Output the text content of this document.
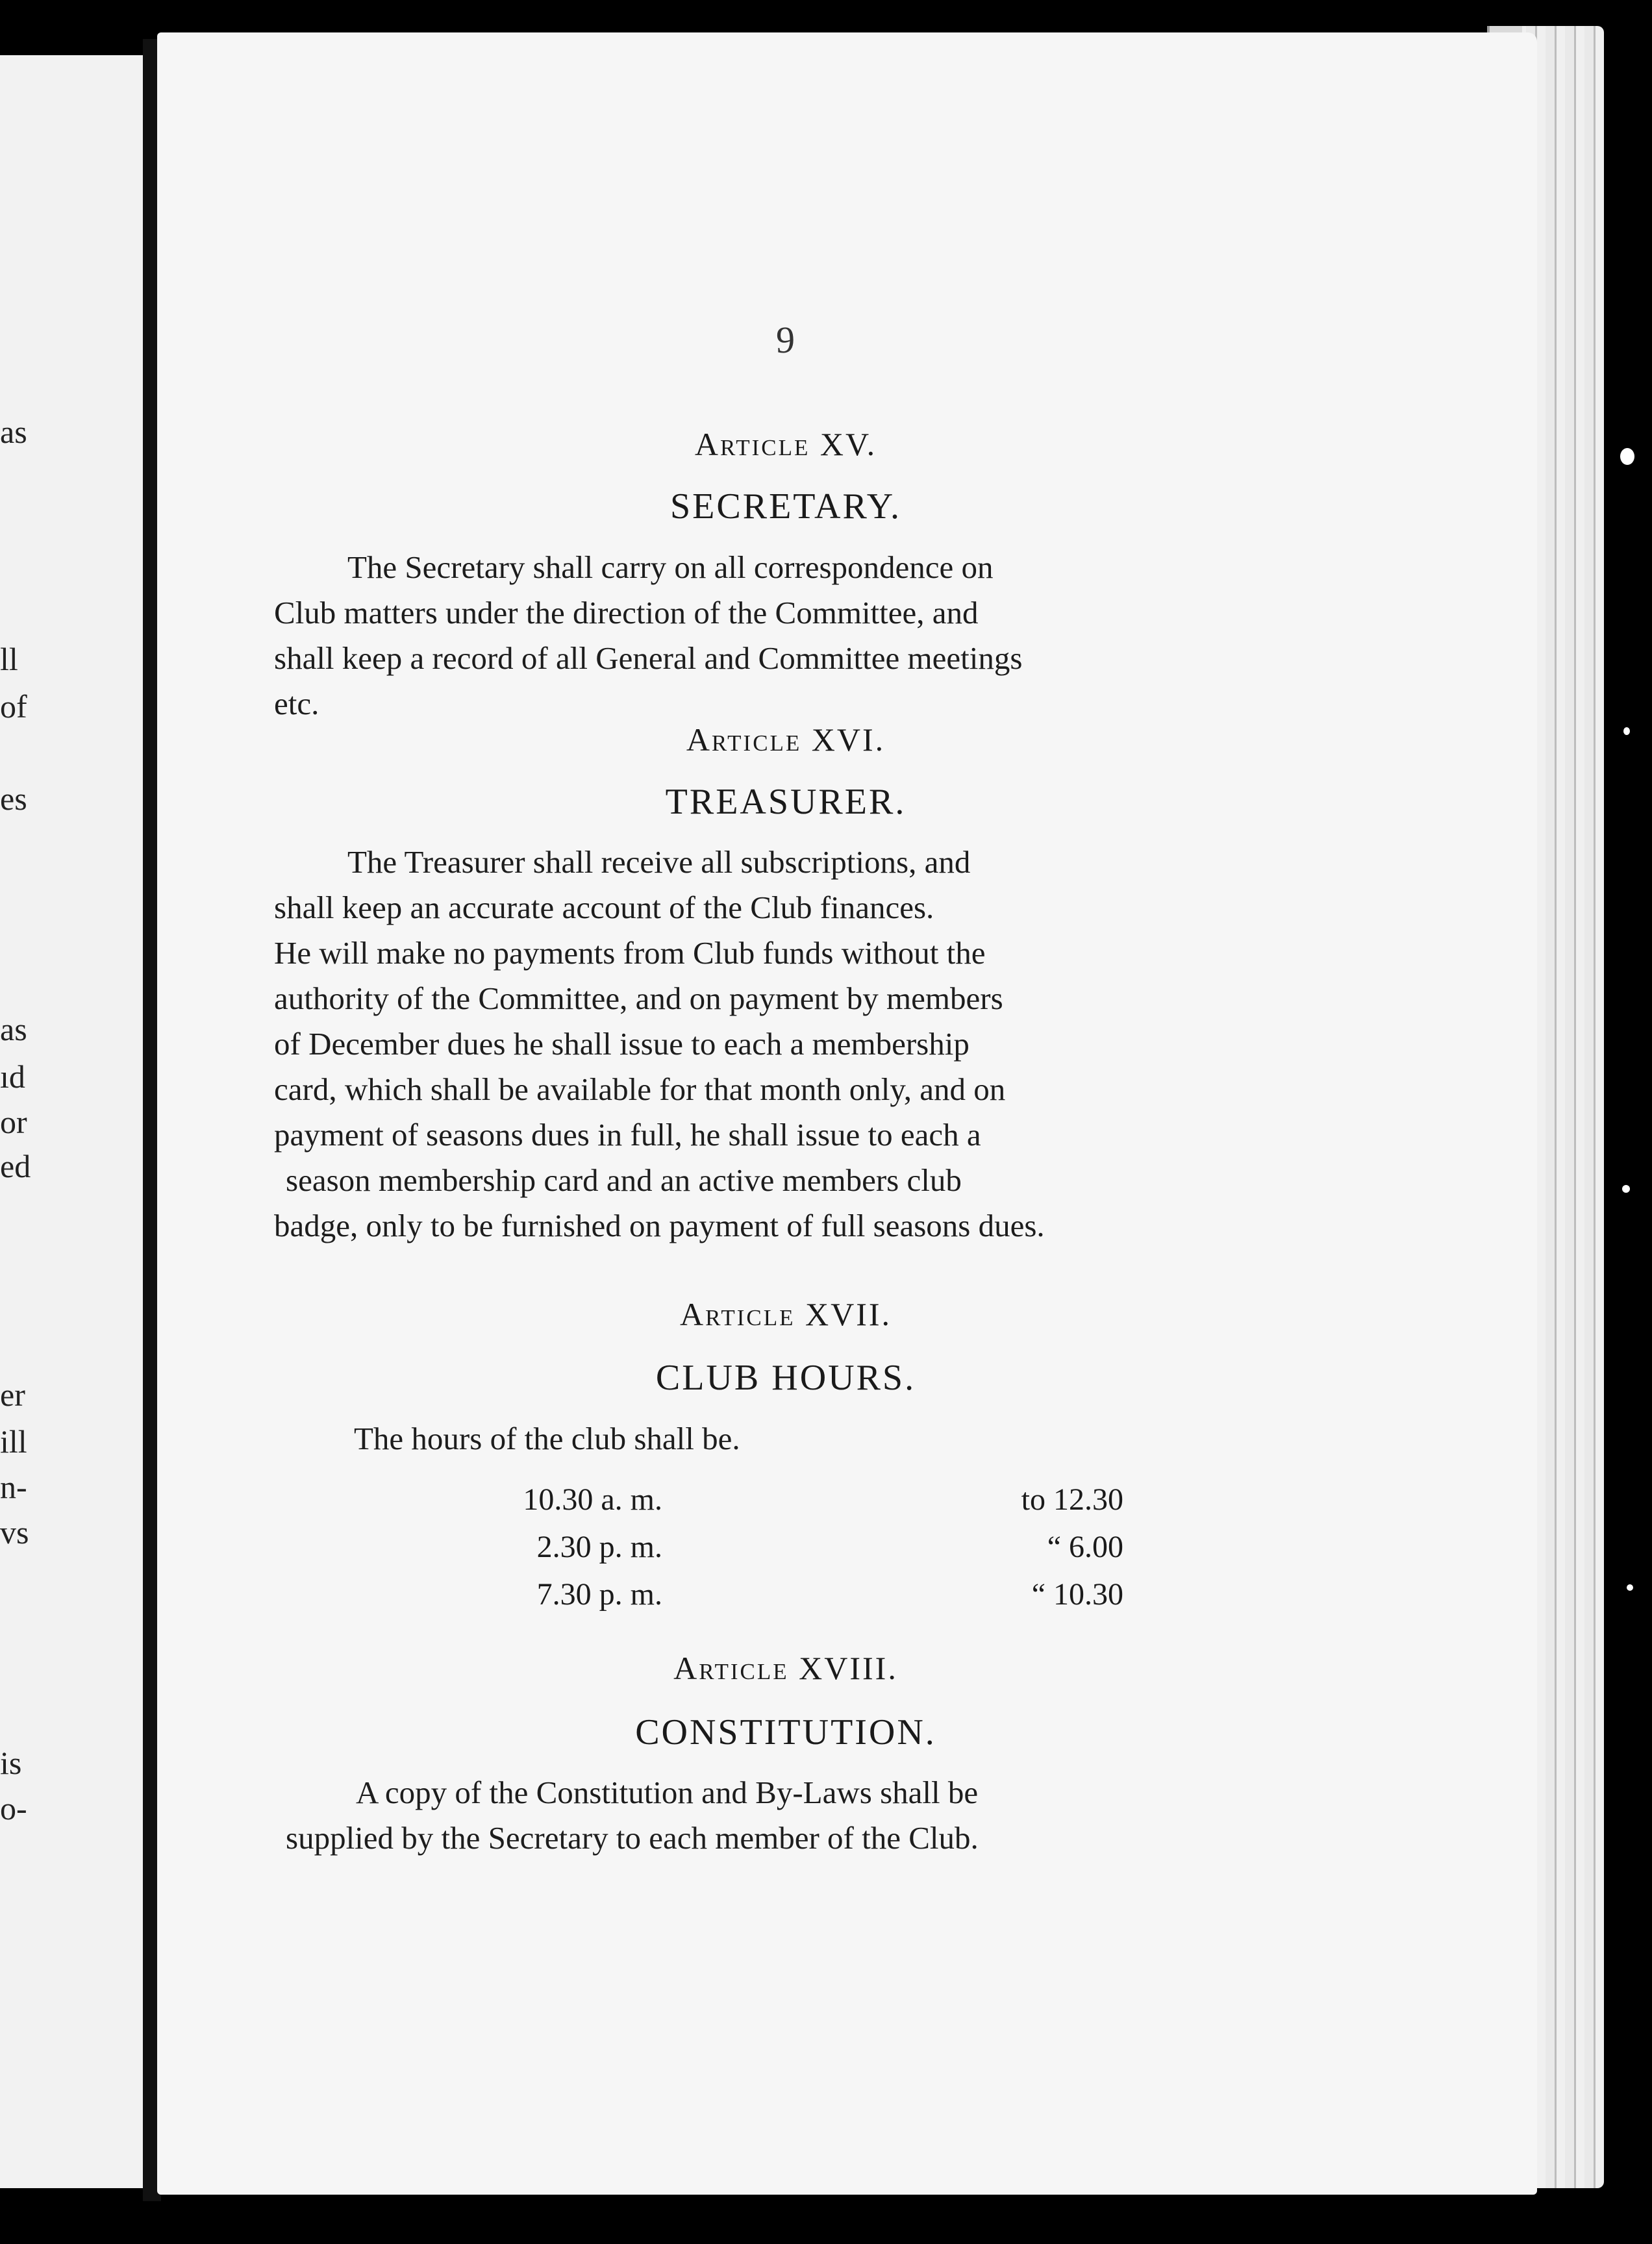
as
ll
of
es
as
ıd
or
ed
er
ill
n-
vs
is
o-
9
Article XV.
SECRETARY.
The Secretary shall carry on all correspondence on
Club matters under the direction of the Committee, and
shall keep a record of all General and Committee meetings
etc.
Article XVI.
TREASURER.
The Treasurer shall receive all subscriptions, and
shall keep an accurate account of the Club finances.
He will make no payments from Club funds without the
authority of the Committee, and on payment by members
of December dues he shall issue to each a membership
card, which shall be available for that month only, and on
payment of seasons dues in full, he shall issue to each a
season membership card and an active members club
badge, only to be furnished on payment of full seasons dues.
Article XVII.
CLUB HOURS.
The hours of the club shall be.
10.30 a. m.	to 12.30
2.30 p. m.	“ 6.00
7.30 p. m.	“ 10.30
Article XVIII.
CONSTITUTION.
A copy of the Constitution and By-Laws shall be
supplied by the Secretary to each member of the Club.
